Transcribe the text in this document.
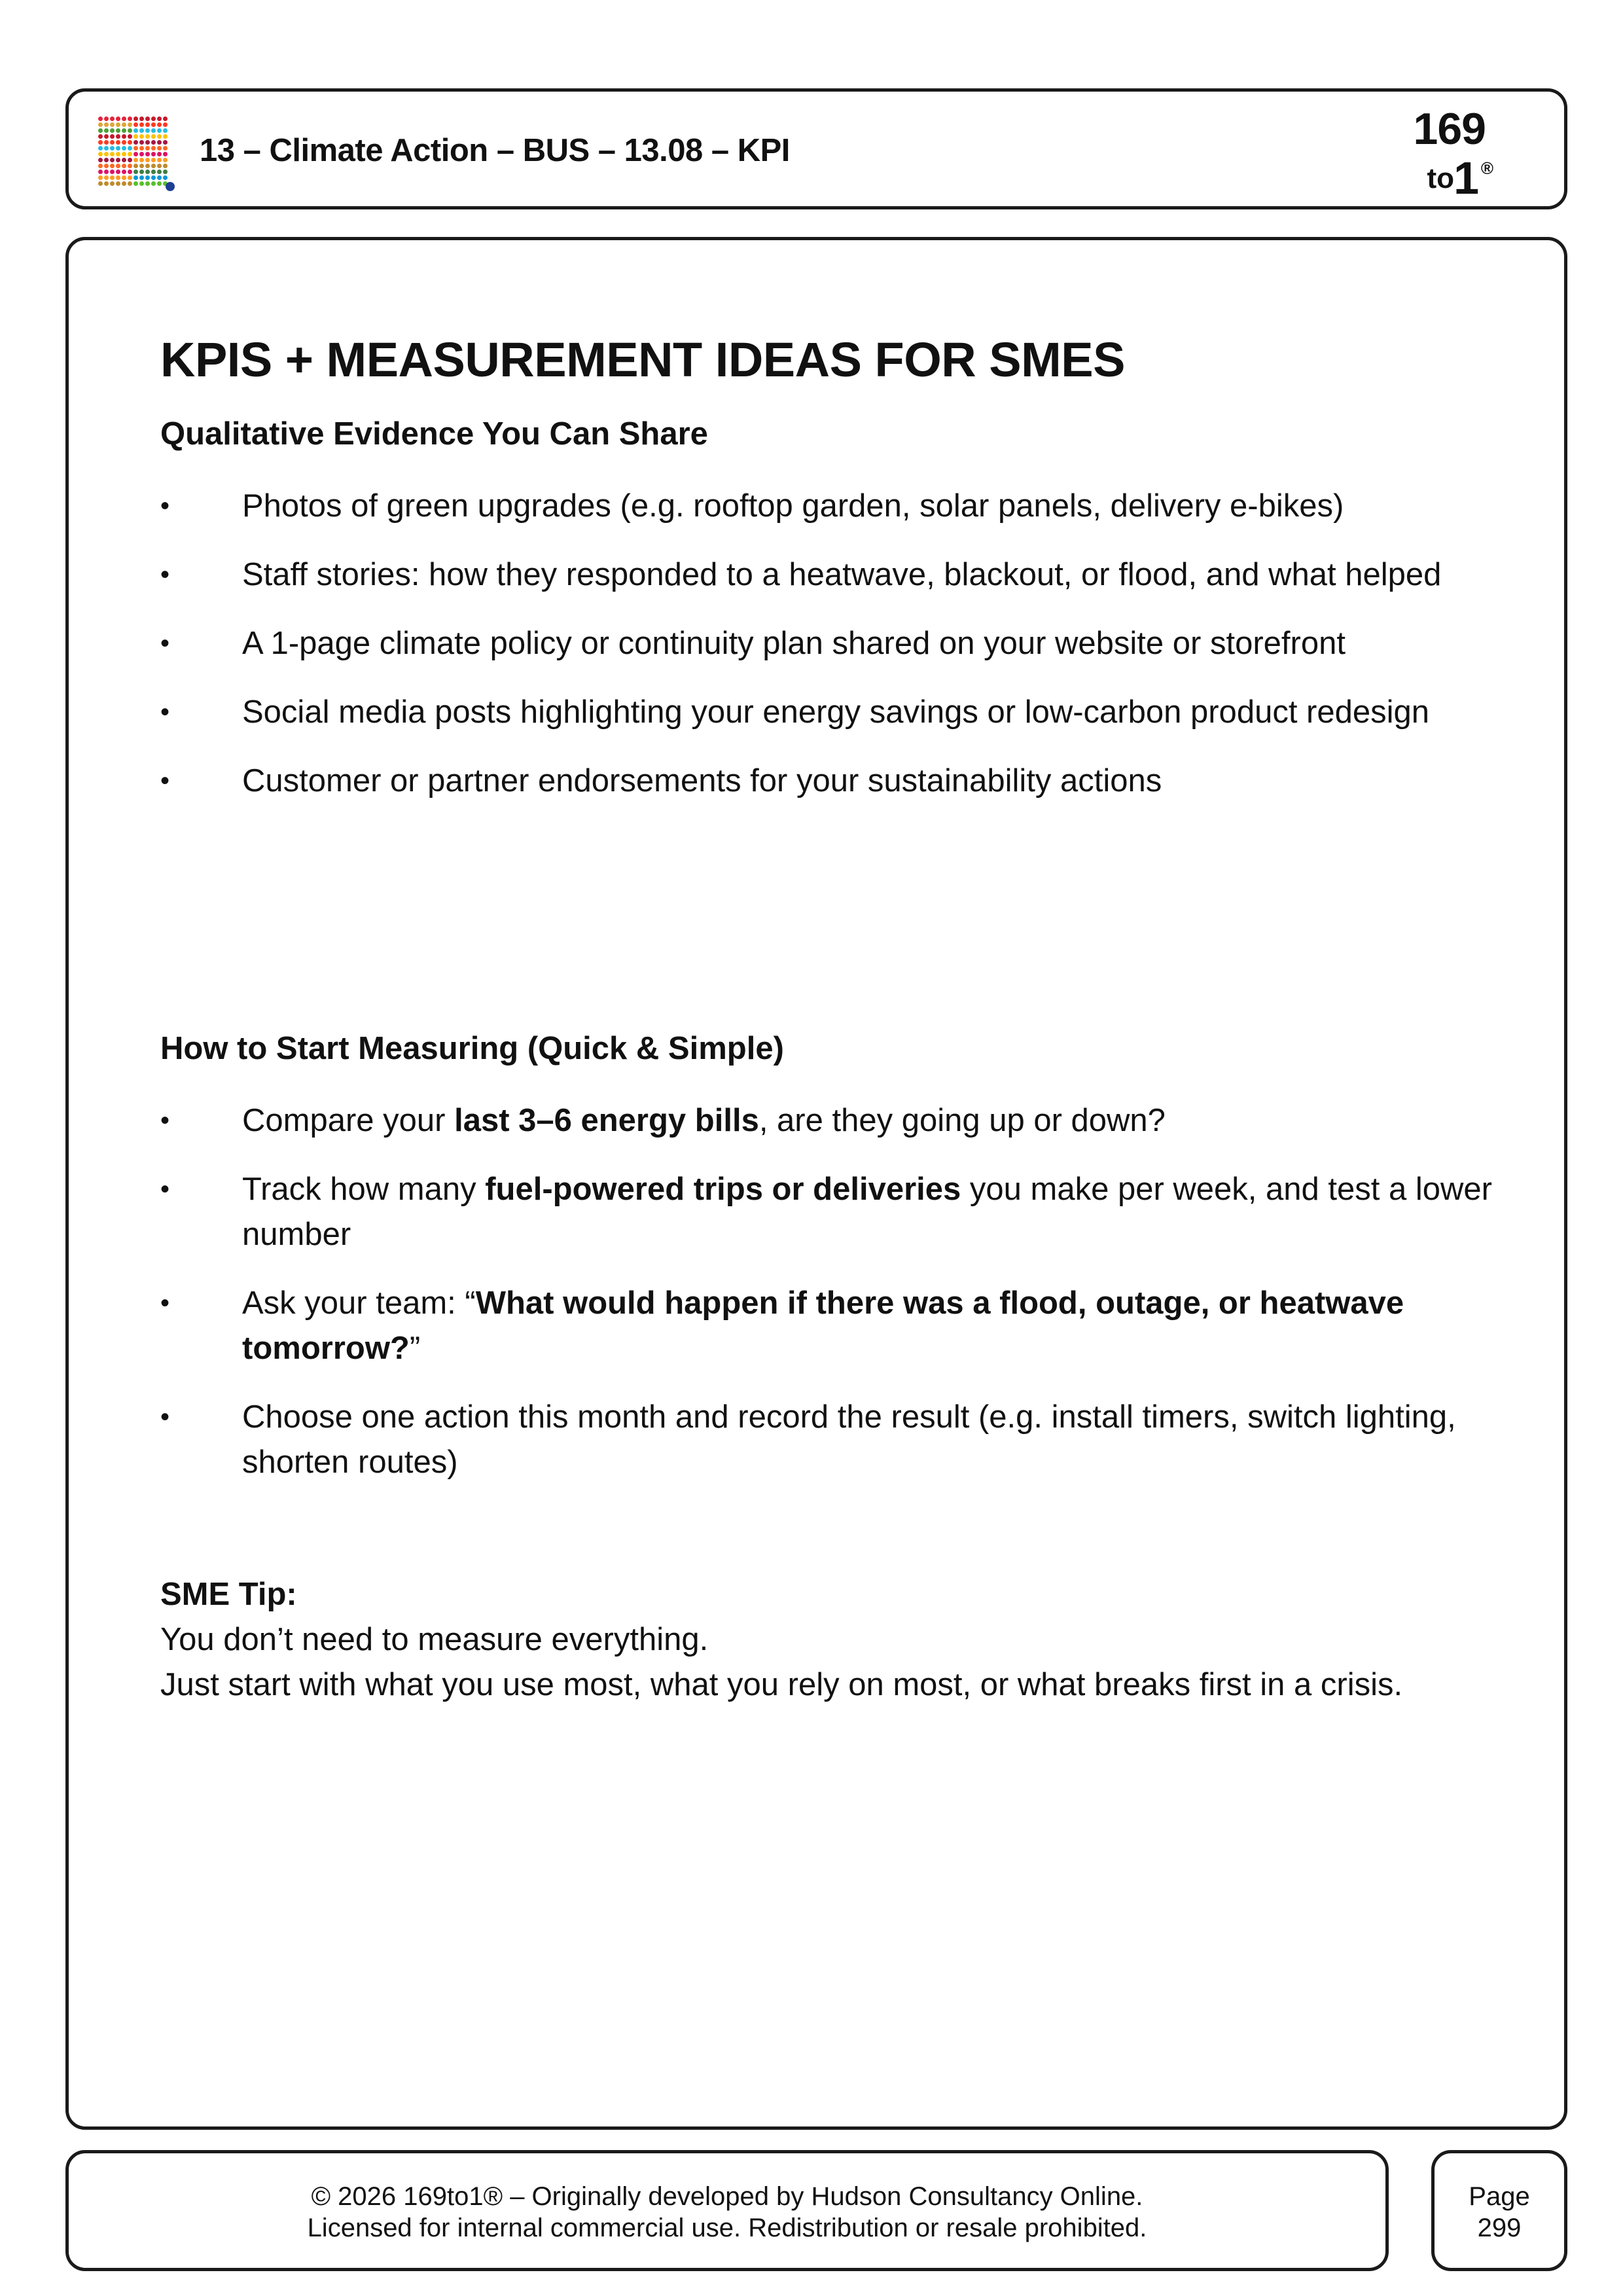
13 – Climate Action – BUS – 13.08 – KPI	169
to 1 ®
KPIS + MEASUREMENT IDEAS FOR SMES
Qualitative Evidence You Can Share
• Photos of green upgrades (e.g. rooftop garden, solar panels, delivery e-bikes)
• Staff stories: how they responded to a heatwave, blackout, or flood, and what helped
• A 1-page climate policy or continuity plan shared on your website or storefront
• Social media posts highlighting your energy savings or low-carbon product redesign
• Customer or partner endorsements for your sustainability actions
How to Start Measuring (Quick & Simple)
• Compare your last 3–6 energy bills, are they going up or down?
• Track how many fuel-powered trips or deliveries you make per week, and test a lower number
• Ask your team: “What would happen if there was a flood, outage, or heatwave tomorrow?”
• Choose one action this month and record the result (e.g. install timers, switch lighting, shorten routes)
SME Tip:
You don’t need to measure everything.
Just start with what you use most, what you rely on most, or what breaks first in a crisis.
© 2026 169to1® – Originally developed by Hudson Consultancy Online.
Licensed for internal commercial use. Redistribution or resale prohibited.
Page
299
